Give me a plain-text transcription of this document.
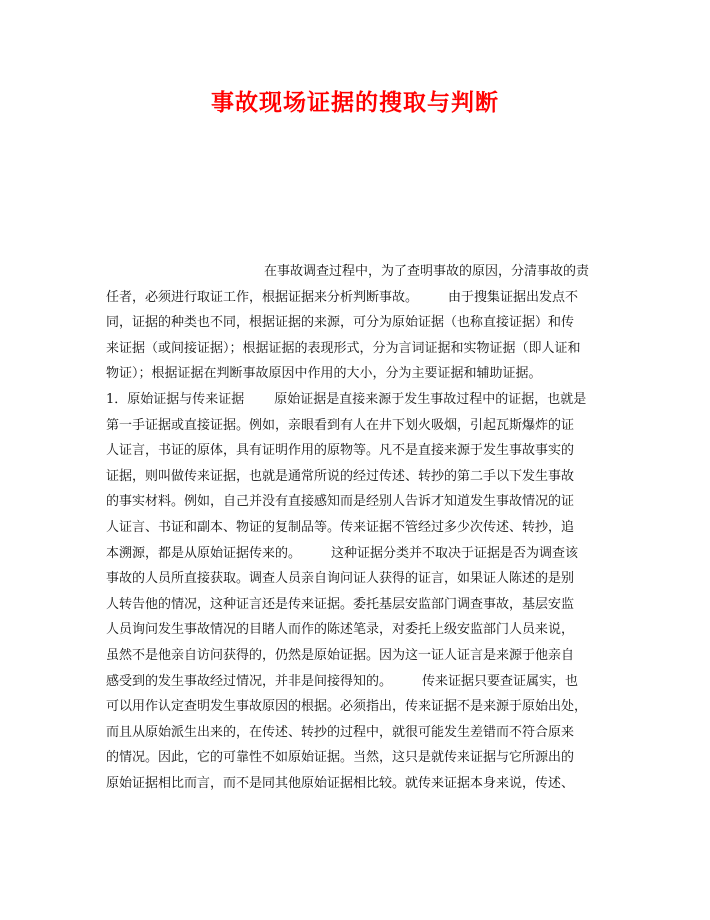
事故现场证据的搜取与判断
在事故调查过程中，为了查明事故的原因，分清事故的责
任者，必须进行取证工作，根据证据来分析判断事故。 由于搜集证据出发点不
同，证据的种类也不同，根据证据的来源，可分为原始证据（也称直接证据）和传
来证据（或间接证据）；根据证据的表现形式，分为言词证据和实物证据（即人证和
物证）；根据证据在判断事故原因中作用的大小，分为主要证据和辅助证据。
1．原始证据与传来证据 原始证据是直接来源于发生事故过程中的证据，也就是
第一手证据或直接证据。例如，亲眼看到有人在井下划火吸烟，引起瓦斯爆炸的证
人证言，书证的原体，具有证明作用的原物等。凡不是直接来源于发生事故事实的
证据，则叫做传来证据，也就是通常所说的经过传述、转抄的第二手以下发生事故
的事实材料。例如，自己并没有直接感知而是经别人告诉才知道发生事故情况的证
人证言、书证和副本、物证的复制品等。传来证据不管经过多少次传述、转抄，追
本溯源，都是从原始证据传来的。 这种证据分类并不取决于证据是否为调查该
事故的人员所直接获取。调查人员亲自询问证人获得的证言，如果证人陈述的是别
人转告他的情况，这种证言还是传来证据。委托基层安监部门调查事故，基层安监
人员询问发生事故情况的目睹人而作的陈述笔录，对委托上级安监部门人员来说，
虽然不是他亲自访问获得的，仍然是原始证据。因为这一证人证言是来源于他亲自
感受到的发生事故经过情况，并非是间接得知的。 传来证据只要查证属实，也
可以用作认定查明发生事故原因的根据。必须指出，传来证据不是来源于原始出处，
而且从原始派生出来的，在传述、转抄的过程中，就很可能发生差错而不符合原来
的情况。因此，它的可靠性不如原始证据。当然，这只是就传来证据与它所源出的
原始证据相比而言，而不是同其他原始证据相比较。就传来证据本身来说，传述、
